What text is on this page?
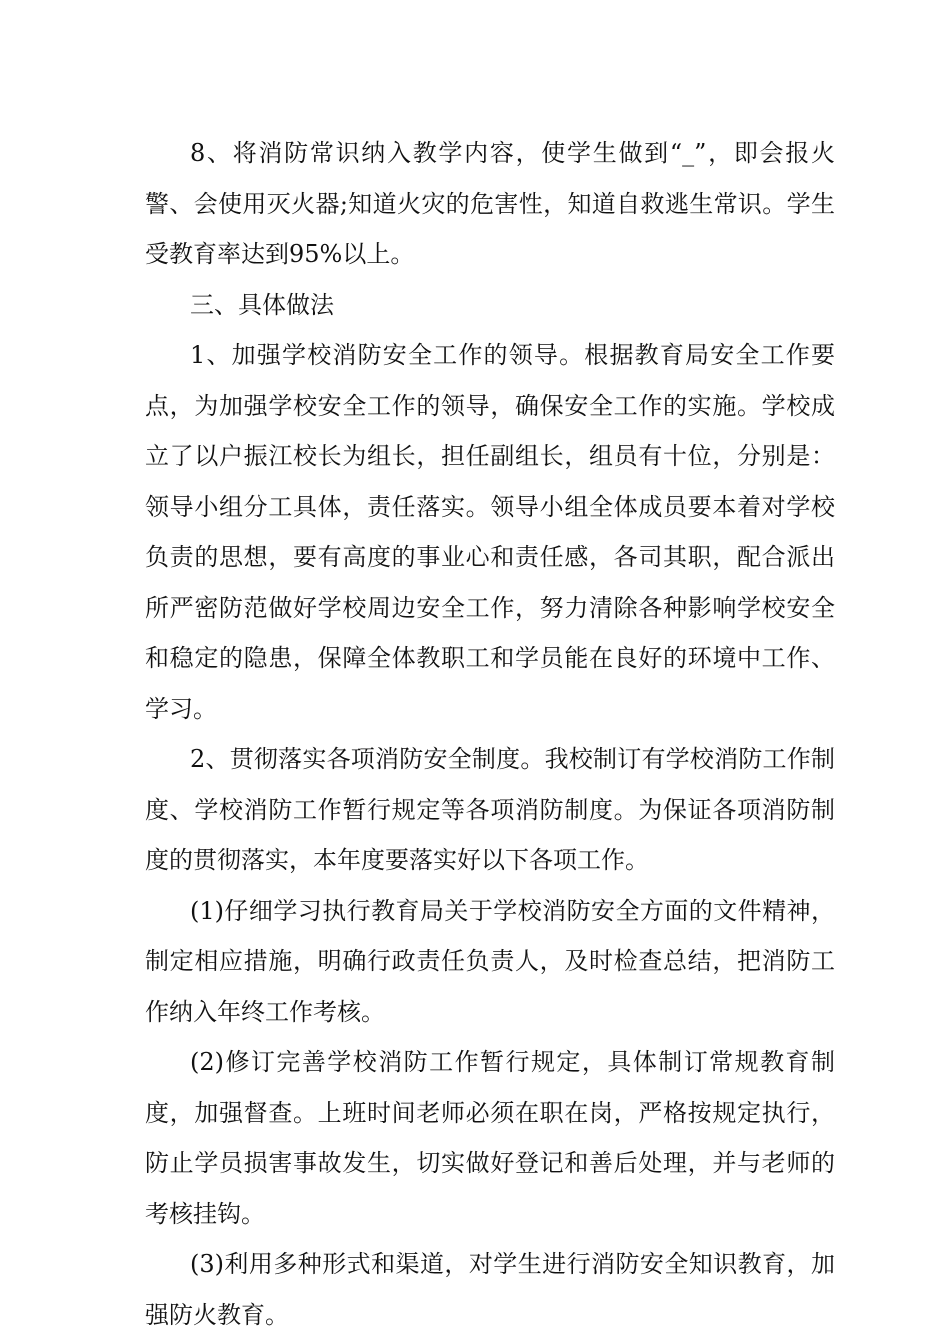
8、将消防常识纳入教学内容，使学生做到“_”，即会报火警、会使用灭火器;知道火灾的危害性，知道自救逃生常识。学生受教育率达到95%以上。

三、具体做法

1、加强学校消防安全工作的领导。根据教育局安全工作要点，为加强学校安全工作的领导，确保安全工作的实施。学校成立了以户振江校长为组长，担任副组长，组员有十位，分别是：领导小组分工具体，责任落实。领导小组全体成员要本着对学校负责的思想，要有高度的事业心和责任感，各司其职，配合派出所严密防范做好学校周边安全工作，努力清除各种影响学校安全和稳定的隐患，保障全体教职工和学员能在良好的环境中工作、学习。

2、贯彻落实各项消防安全制度。我校制订有学校消防工作制度、学校消防工作暂行规定等各项消防制度。为保证各项消防制度的贯彻落实，本年度要落实好以下各项工作。

(1)仔细学习执行教育局关于学校消防安全方面的文件精神，制定相应措施，明确行政责任负责人，及时检查总结，把消防工作纳入年终工作考核。

(2)修订完善学校消防工作暂行规定，具体制订常规教育制度，加强督查。上班时间老师必须在职在岗，严格按规定执行，防止学员损害事故发生，切实做好登记和善后处理，并与老师的考核挂钩。

(3)利用多种形式和渠道，对学生进行消防安全知识教育，加强防火教育。
